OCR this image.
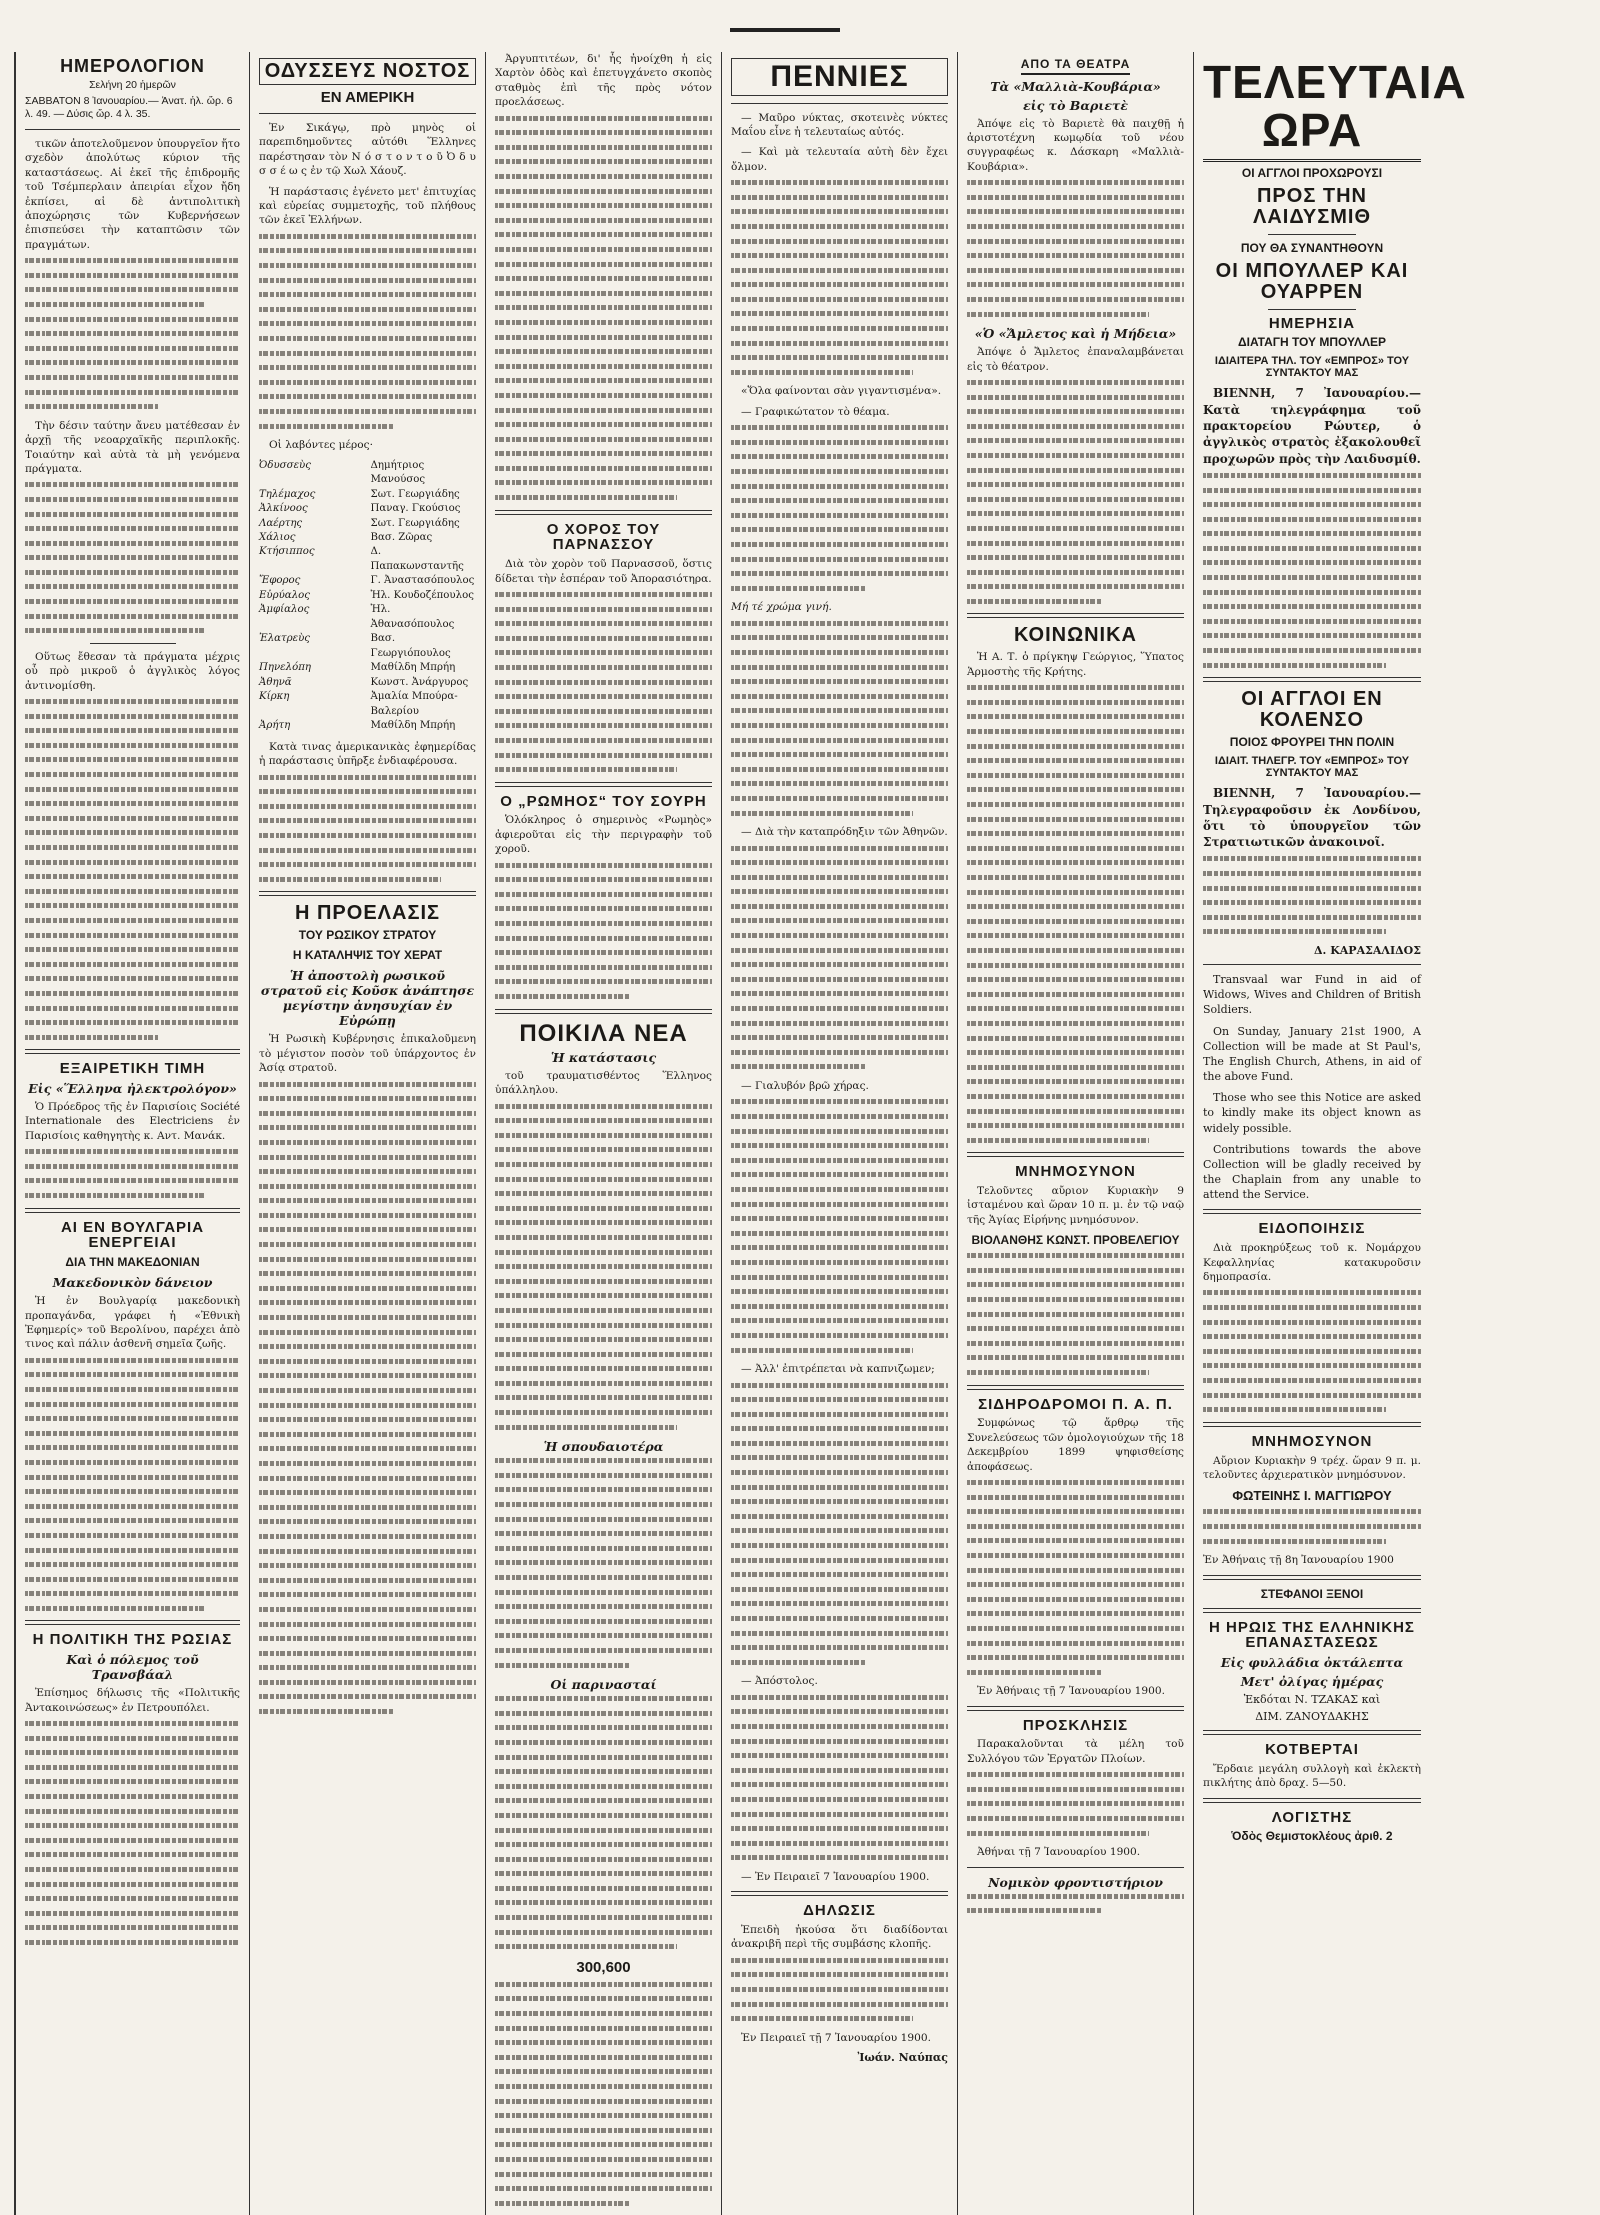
ΗΜΕΡΟΛΟΓΙΟΝ
Σελήνη 20 ἡμερῶν
ΣΑΒΒΑΤΟΝ 8 Ἰανουαρίου.— Ἀνατ. ἡλ. ὥρ. 6 λ. 49. — Δύσις ὥρ. 4 λ. 35.

τικῶν ἀποτελοῦμενον ὑπουργεῖον ἤτο σχεδὸν ἀπολύτως κύριον τῆς καταστάσεως. Αἱ ἐκεῖ τῆς ἐπιδρομῆς τοῦ Τσέμπερλαιν ἀπειρίαι εἶχον ἤδη ἐκπίσει, αἱ δὲ ἀντιπολιτικὴ ἀποχώρησις τῶν Κυβερνήσεων ἐπισπεύσει τὴν καταπτῶσιν τῶν πραγμάτων.

Τὴν δέσιν ταύτην ἄνευ ματέθεσαν ἐν ἀρχῇ τῆς νεοαρχαϊκῆς περιπλοκῆς. Τοιαύτην καὶ αὐτὰ τὰ μὴ γενόμενα πράγματα.

Οὕτως ἔθεσαν τὰ πράγματα μέχρις οὗ πρὸ μικροῦ ὁ ἀγγλικὸς λόγος ἀντινομίσθη.

ΕΞΑΙΡΕΤΙΚΗ ΤΙΜΗ
Εἰς «Ἕλληνα ἠλεκτρολόγον»

Ὁ Πρόεδρος τῆς ἐν Παρισίοις Société Internationale des Electriciens ἐν Παρισίοις καθηγητὴς κ. Αντ. Μανάκ.

ΑΙ ΕΝ ΒΟΥΛΓΑΡΙΑ ΕΝΕΡΓΕΙΑΙ
ΔΙΑ ΤΗΝ ΜΑΚΕΔΟΝΙΑΝ
Μακεδονικὸν δάνειον

Ἡ ἐν Βουλγαρίᾳ μακεδονικὴ προπαγάνδα, γράφει ἡ «Ἐθνικὴ Ἐφημερίς» τοῦ Βερολίνου, παρέχει ἀπὸ τινος καὶ πάλιν ἀσθενῆ σημεῖα ζωῆς.

Η ΠΟΛΙΤΙΚΗ ΤΗΣ ΡΩΣΙΑΣ
Καὶ ὁ πόλεμος τοῦ Τρανσβάαλ

Ἐπίσημος δήλωσις τῆς «Πολιτικῆς Ἀντακοινώσεως» ἐν Πετρουπόλει.

ΟΔΥΣΣΕΥΣ ΝΟΣΤΟΣ
ΕΝ ΑΜΕΡΙΚΗ

Ἐν Σικάγῳ, πρὸ μηνὸς οἱ παρεπιδημοῦντες αὐτόθι Ἕλληνες παρέστησαν τὸν Ν ό σ τ ο ν τ ο ῦ Ὀ δ υ σ σ έ ω ς ἐν τῷ Χωλ Χάουζ.

Ἡ παράστασις ἐγένετο μετ' ἐπιτυχίας καὶ εὐρείας συμμετοχῆς, τοῦ πλήθους τῶν ἐκεῖ Ἑλλήνων.

Οἱ λαβόντες μέρος·

Ὀδυσσεὺς	Δημήτριος Μανούσος
Τηλέμαχος	Σωτ. Γεωργιάδης
Ἀλκίνοος	Παναγ. Γκούσιος
Λαέρτης	Σωτ. Γεωργιάδης
Χάλιος	Βασ. Ζῶρας
Κτήσιππος	Δ. Παπακωνσταντῆς
Ἔφορος	Γ. Ἀναστασόπουλος
Εὐρύαλος	Ἠλ. Κουδοζέπουλος
Ἀμφίαλος	Ἠλ. Ἀθανασόπουλος
Ἐλατρεὺς	Βασ. Γεωργιόπουλος
Πηνελόπη	Μαθίλδη Μπρήη
Ἀθηνᾶ	Κωνστ. Ἀνάργυρος
Κίρκη	Ἀμαλία Μπούρα-Βαλερίου
Ἀρήτη	Μαθίλδη Μπρήη

Κατὰ τινας ἀμερικανικὰς ἐφημερίδας ἡ παράστασις ὑπῆρξε ἐνδιαφέρουσα.

Η ΠΡΟΕΛΑΣΙΣ
ΤΟΥ ΡΩΣΙΚΟΥ ΣΤΡΑΤΟΥ
Η ΚΑΤΑΛΗΨΙΣ ΤΟΥ ΧΕΡΑΤ
Ἡ ἀποστολὴ ρωσικοῦ στρατοῦ εἰς Κοῦσκ ἀνάπτησε μεγίστην ἀνησυχίαν ἐν Εὐρώπῃ

Ἡ Ρωσικὴ Κυβέρνησις ἐπικαλοῦμενη τὸ μέγιστον ποσὸν τοῦ ὑπάρχοντος ἐν Ἀσίᾳ στρατοῦ.

Ἀργυπτιτέων, δι' ἧς ἠνοίχθη ἡ εἰς Χαρτὸν ὁδὸς καὶ ἐπετυγχάνετο σκοπὸς σταθμὸς ἐπὶ τῆς πρὸς νότον προελάσεως.

Ο ΧΟΡΟΣ ΤΟΥ ΠΑΡΝΑΣΣΟΥ

Διὰ τὸν χορὸν τοῦ Παρνασσοῦ, ὅστις δίδεται τὴν ἑσπέραν τοῦ Ἀπορασιότηρα.

Ο „ΡΩΜΗΟΣ“ ΤΟΥ ΣΟΥΡΗ

Ὁλόκληρος ὁ σημερινὸς «Ρωμηὸς» ἀφιεροῦται εἰς τὴν περιγραφὴν τοῦ χοροῦ.

ΠΟΙΚΙΛΑ ΝΕΑ
Ἡ κατάστασις

τοῦ τραυματισθέντος Ἕλληνος ὑπάλληλου.

Ἡ σπουδαιοτέρα
Οἱ παρινασταί
300,600
ΠΕΝΝΙΕΣ

— Μαῦρο νύκτας, σκοτεινὲς νύκτες Μαΐου εἶνε ἡ τελευταίως αὐτός.

— Καὶ μὰ τελευταία αὐτὴ δὲν ἔχει ὄλμον.

«Ὅλα φαίνονται σὰν γιγαντισμένα».

— Γραφικώτατον τὸ θέαμα.

Μή τέ χρώμα γινή.

— Διὰ τὴν καταπρόδηξιν τῶν Ἀθηνῶν.

— Γιαλυβόν βρῶ χήρας.

— Ἀλλ' ἐπιτρέπεται νὰ καπνιζωμεν;

— Ἀπόστολος.

— Ἐν Πειραιεῖ 7 Ἰανουαρίου 1900.

ΔΗΛΩΣΙΣ

Ἐπειδὴ ἠκούσα ὅτι διαδίδονται ἀνακριβῆ περὶ τῆς συμβάσης κλοπῆς.

Ἐν Πειραιεῖ τῇ 7 Ἰανουαρίου 1900.

Ἰωάν. Ναύπας
ΑΠΟ ΤΑ ΘΕΑΤΡΑ
Τὰ «Μαλλιὰ-Κουβάρια»
εἰς τὸ Βαριετὲ

Ἀπόψε εἰς τὸ Βαριετὲ θὰ παιχθῇ ἡ ἀριστοτέχνη κωμῳδία τοῦ νέου συγγραφέως κ. Δάσκαρη «Μαλλιὰ-Κουβάρια».

«Ὁ «Ἄμλετος καὶ ἡ Μήδεια»

Ἀπόψε ὁ Ἄμλετος ἐπαναλαμβάνεται εἰς τὸ θέατρον.

ΚΟΙΝΩΝΙΚΑ

Ἡ Α. Τ. ὁ πρίγκηψ Γεώργιος, Ὕπατος Ἁρμοστὴς τῆς Κρήτης.

ΜΝΗΜΟΣΥΝΟΝ

Τελοῦντες αὔριον Κυριακὴν 9 ἰσταμένου καὶ ὥραν 10 π. μ. ἐν τῷ ναῷ τῆς Ἁγίας Εἰρήνης μνημόσυνον.

ΒΙΟΛΑΝΘΗΣ ΚΩΝΣΤ. ΠΡΟΒΕΛΕΓΙΟΥ
ΣΙΔΗΡΟΔΡΟΜΟΙ Π. Α. Π.

Συμφώνως τῷ ἄρθρῳ τῆς Συνελεύσεως τῶν ὁμολογιούχων τῆς 18 Δεκεμβρίου 1899 ψηφισθείσης ἀποφάσεως.

Ἐν Ἀθήναις τῇ 7 Ἰανουαρίου 1900.

ΠΡΟΣΚΛΗΣΙΣ

Παρακαλοῦνται τὰ μέλη τοῦ Συλλόγου τῶν Ἐργατῶν Πλοίων.

Ἀθήναι τῇ 7 Ἰανουαρίου 1900.

Νομικὸν φροντιστήριον
ΤΕΛΕΥΤΑΙΑ ΩΡΑ
ΟΙ ΑΓΓΛΟΙ ΠΡΟΧΩΡΟΥΣΙ
ΠΡΟΣ ΤΗΝ ΛΑΙΔΥΣΜΙΘ
ΠΟΥ ΘΑ ΣΥΝΑΝΤΗΘΟΥΝ
ΟΙ ΜΠΟΥΛΛΕΡ ΚΑΙ ΟΥΑΡΡΕΝ
ΗΜΕΡΗΣΙΑ
ΔΙΑΤΑΓΗ ΤΟΥ ΜΠΟΥΛΛΕΡ
ΙΔΙΑΙΤΕΡΑ ΤΗΛ. ΤΟΥ «ΕΜΠΡΟΣ» ΤΟΥ ΣΥΝΤΑΚΤΟΥ ΜΑΣ

ΒΙΕΝΝΗ, 7 Ἰανουαρίου.— Κατὰ τηλεγράφημα τοῦ πρακτορείου Ρώυτερ, ὁ ἀγγλικὸς στρατὸς ἐξακολουθεῖ προχωρῶν πρὸς τὴν Λαιδυσμίθ.

ΟΙ ΑΓΓΛΟΙ ΕΝ ΚΟΛΕΝΣΟ
ΠΟΙΟΣ ΦΡΟΥΡΕΙ ΤΗΝ ΠΟΛΙΝ
ΙΔΙΑΙΤ. ΤΗΛΕΓΡ. ΤΟΥ «ΕΜΠΡΟΣ» ΤΟΥ ΣΥΝΤΑΚΤΟΥ ΜΑΣ

ΒΙΕΝΝΗ, 7 Ἰανουαρίου.— Τηλεγραφοῦσιν ἐκ Λονδίνου, ὅτι τὸ ὑπουργεῖον τῶν Στρατιωτικῶν ἀνακοινοῖ.

Δ. ΚΑΡΑΣΑΛΙΔΟΣ

Transvaal war Fund in aid of Widows, Wives and Children of British Soldiers.

On Sunday, January 21st 1900, A Collection will be made at St Paul's, The English Church, Athens, in aid of the above Fund.

Those who see this Notice are asked to kindly make its object known as widely possible.

Contributions towards the above Collection will be gladly received by the Chaplain from any unable to attend the Service.

ΕΙΔΟΠΟΙΗΣΙΣ

Διὰ προκηρύξεως τοῦ κ. Νομάρχου Κεφαλληνίας κατακυροῦσιν δημοπρασία.

ΜΝΗΜΟΣΥΝΟΝ

Αὔριον Κυριακὴν 9 τρέχ. ὥραν 9 π. μ. τελοῦντες ἀρχιερατικὸν μνημόσυνον.

ΦΩΤΕΙΝΗΣ Ι. ΜΑΓΓΙΩΡΟΥ

Ἐν Ἀθήναις τῇ 8η Ἰανουαρίου 1900

ΣΤΕΦΑΝΟΙ ΞΕΝΟΙ
Η ΗΡΩΙΣ ΤΗΣ ΕΛΛΗΝΙΚΗΣ ΕΠΑΝΑΣΤΑΣΕΩΣ
Εἰς φυλλάδια ὀκτάλεπτα
Μετ' ὀλίγας ἡμέρας
Ἐκδόται Ν. ΤΖΑΚΑΣ καὶ
ΔΙΜ. ΖΑΝΟΥΔΑΚΗΣ
ΚΟΤΒΕΡΤΑΙ

Ἔρδαιε μεγάλη συλλογὴ καὶ ἐκλεκτὴ πικλήτης ἀπὸ δραχ. 5—50.

ΛΟΓΙΣΤΗΣ
Ὁδὸς Θεμιστοκλέους ἀριθ. 2
